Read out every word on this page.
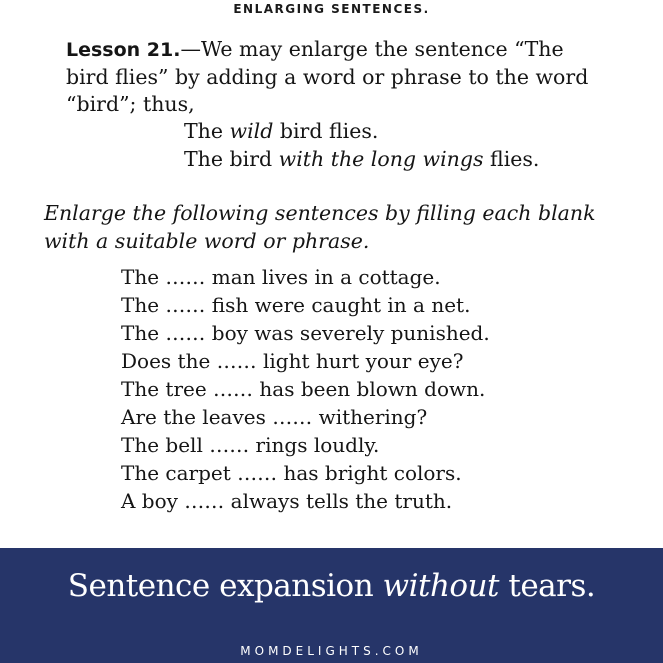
ENLARGING SENTENCES.
Lesson 21.—We may enlarge the sentence “The bird flies” by adding a word or phrase to the word “bird”; thus,
The wild bird flies.
The bird with the long wings flies.
Enlarge the following sentences by filling each blank with a suitable word or phrase.
The …… man lives in a cottage.
The …… fish were caught in a net.
The …… boy was severely punished.
Does the …… light hurt your eye?
The tree …… has been blown down.
Are the leaves …… withering?
The bell …… rings loudly.
The carpet …… has bright colors.
A boy …… always tells the truth.
Sentence expansion without tears.
MOMDELIGHTS.COM
